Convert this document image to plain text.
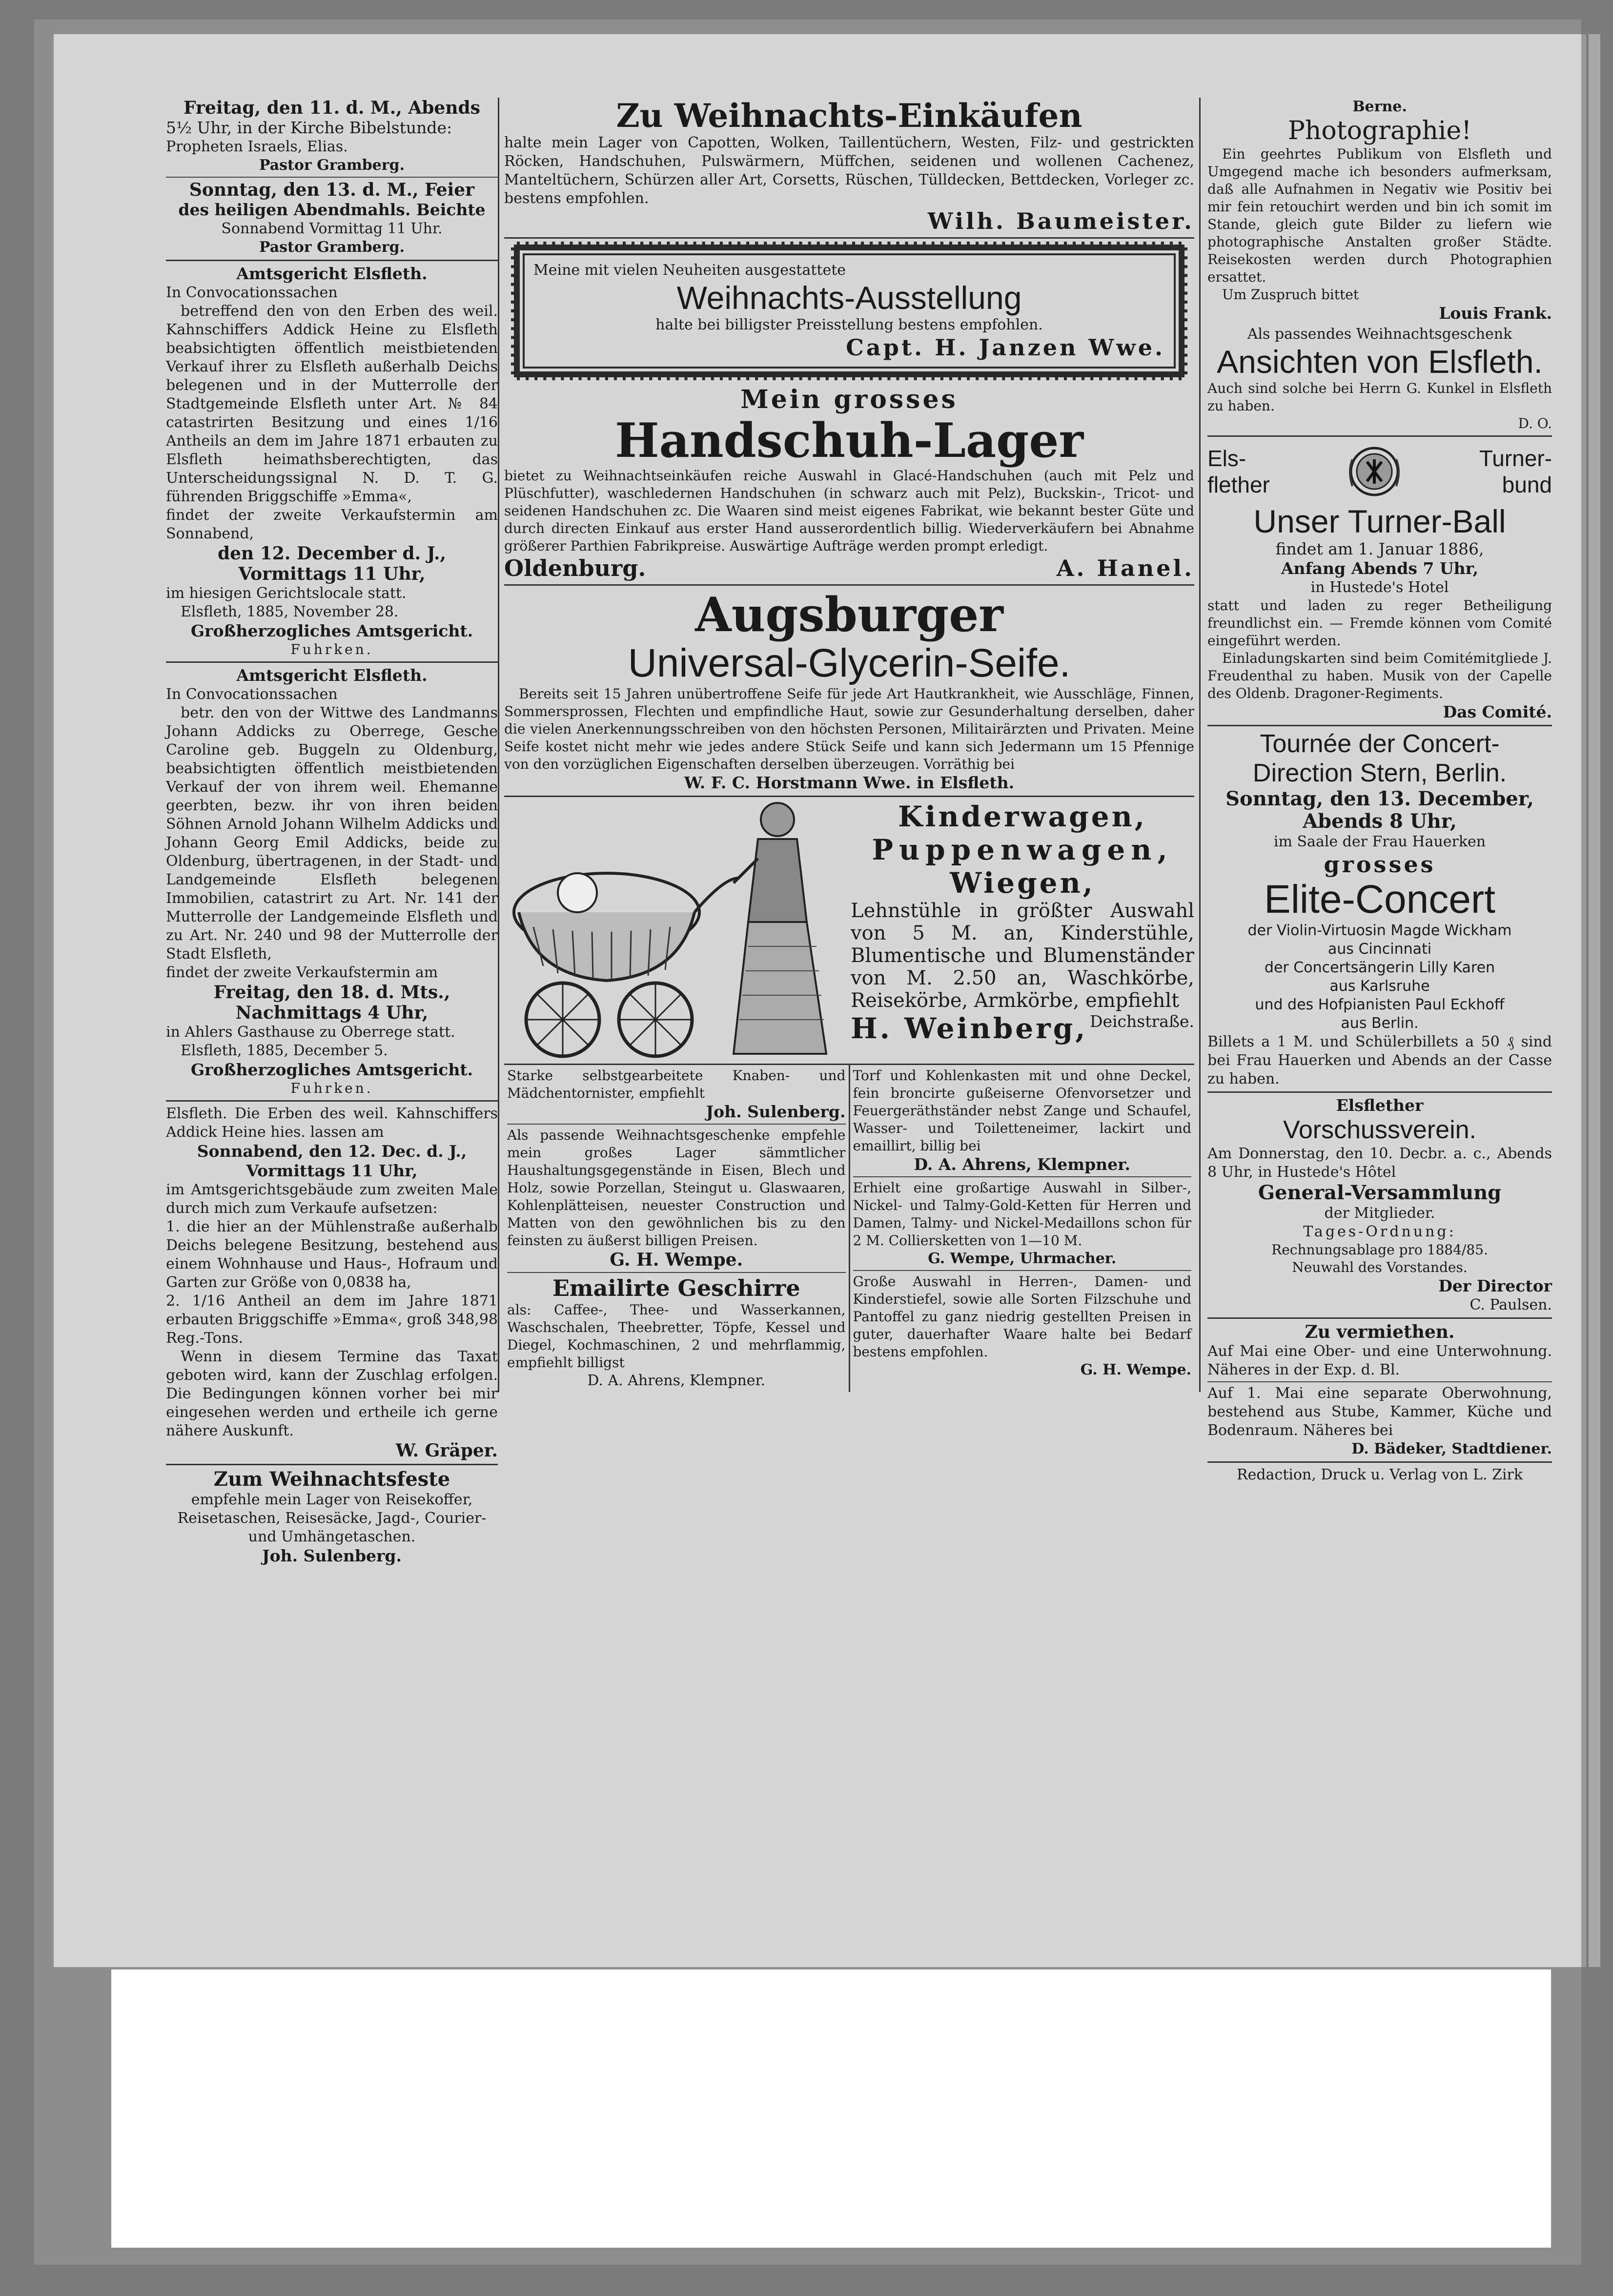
Freitag, den 11. d. M., Abends
5½ Uhr, in der Kirche Bibelstunde:
Propheten Israels, Elias.
Pastor Gramberg.
Sonntag, den 13. d. M., Feier
des heiligen Abendmahls. Beichte
Sonnabend Vormittag 11 Uhr.
Pastor Gramberg.
Amtsgericht Elsfleth.
In Convocationssachen
betreffend den von den Erben des weil. Kahnschiffers Addick Heine zu Elsfleth beabsichtigten öffentlich meistbietenden Verkauf ihrer zu Elsfleth außerhalb Deichs belegenen und in der Mutterrolle der Stadtgemeinde Elsfleth unter Art. № 84 catastrirten Besitzung und eines 1/16 Antheils an dem im Jahre 1871 erbauten zu Elsfleth heimathsberechtigten, das Unterscheidungssignal N. D. T. G. führenden Briggschiffe »Emma«,
findet der zweite Verkaufstermin am Sonnabend,
den 12. December d. J.,
Vormittags 11 Uhr,
im hiesigen Gerichtslocale statt.
Elsfleth, 1885, November 28.
Großherzogliches Amtsgericht.
Fuhrken.
Amtsgericht Elsfleth.
In Convocationssachen
betr. den von der Wittwe des Landmanns Johann Addicks zu Oberrege, Gesche Caroline geb. Buggeln zu Oldenburg, beabsichtigten öffentlich meistbietenden Verkauf der von ihrem weil. Ehemanne geerbten, bezw. ihr von ihren beiden Söhnen Arnold Johann Wilhelm Addicks und Johann Georg Emil Addicks, beide zu Oldenburg, übertragenen, in der Stadt- und Landgemeinde Elsfleth belegenen Immobilien, catastrirt zu Art. Nr. 141 der Mutterrolle der Landgemeinde Elsfleth und zu Art. Nr. 240 und 98 der Mutterrolle der Stadt Elsfleth,
findet der zweite Verkaufstermin am
Freitag, den 18. d. Mts.,
Nachmittags 4 Uhr,
in Ahlers Gasthause zu Oberrege statt.
Elsfleth, 1885, December 5.
Großherzogliches Amtsgericht.
Fuhrken.
Elsfleth. Die Erben des weil. Kahnschiffers Addick Heine hies. lassen am
Sonnabend, den 12. Dec. d. J.,
Vormittags 11 Uhr,
im Amtsgerichtsgebäude zum zweiten Male durch mich zum Verkaufe aufsetzen:
1. die hier an der Mühlenstraße außerhalb Deichs belegene Besitzung, bestehend aus einem Wohnhause und Haus-, Hofraum und Garten zur Größe von 0,0838 ha,
2. 1/16 Antheil an dem im Jahre 1871 erbauten Briggschiffe »Emma«, groß 348,98 Reg.-Tons.
Wenn in diesem Termine das Taxat geboten wird, kann der Zuschlag erfolgen. Die Bedingungen können vorher bei mir eingesehen werden und ertheile ich gerne nähere Auskunft.
W. Gräper.
Zum Weihnachtsfeste
empfehle mein Lager von Reisekoffer, Reisetaschen, Reisesäcke, Jagd-, Courier- und Umhängetaschen.
Joh. Sulenberg.
Zu Weihnachts-Einkäufen
halte mein Lager von Capotten, Wolken, Taillentüchern, Westen, Filz- und gestrickten Röcken, Handschuhen, Pulswärmern, Müffchen, seidenen und wollenen Cachenez, Manteltüchern, Schürzen aller Art, Corsetts, Rüschen, Tülldecken, Bettdecken, Vorleger zc. bestens empfohlen.
Wilh. Baumeister.
Meine mit vielen Neuheiten ausgestattete
Weihnachts-Ausstellung
halte bei billigster Preisstellung bestens empfohlen.
Capt. H. Janzen Wwe.
Mein grosses
Handschuh-Lager
bietet zu Weihnachtseinkäufen reiche Auswahl in Glacé-Handschuhen (auch mit Pelz und Plüschfutter), waschledernen Handschuhen (in schwarz auch mit Pelz), Buckskin-, Tricot- und seidenen Handschuhen zc. Die Waaren sind meist eigenes Fabrikat, wie bekannt bester Güte und durch directen Einkauf aus erster Hand ausserordentlich billig. Wiederverkäufern bei Abnahme größerer Parthien Fabrikpreise. Auswärtige Aufträge werden prompt erledigt.
Oldenburg.	A. Hanel.
Augsburger
Universal-Glycerin-Seife.
Bereits seit 15 Jahren unübertroffene Seife für jede Art Hautkrankheit, wie Ausschläge, Finnen, Sommersprossen, Flechten und empfindliche Haut, sowie zur Gesunderhaltung derselben, daher die vielen Anerkennungsschreiben von den höchsten Personen, Militairärzten und Privaten. Meine Seife kostet nicht mehr wie jedes andere Stück Seife und kann sich Jedermann um 15 Pfennige von den vorzüglichen Eigenschaften derselben überzeugen. Vorräthig bei
W. F. C. Horstmann Wwe. in Elsfleth.
Kinderwagen,
Puppenwagen,
Wiegen,
Lehnstühle in größter Auswahl von 5 M. an, Kinderstühle, Blumentische und Blumenständer von M. 2.50 an, Waschkörbe, Reisekörbe, Armkörbe, empfiehlt
H. Weinberg, Deichstraße.
Starke selbstgearbeitete Knaben- und Mädchentornister, empfiehlt
Joh. Sulenberg.
Als passende Weihnachtsgeschenke empfehle mein großes Lager sämmtlicher Haushaltungsgegenstände in Eisen, Blech und Holz, sowie Porzellan, Steingut u. Glaswaaren, Kohlenplätteisen, neuester Construction und Matten von den gewöhnlichen bis zu den feinsten zu äußerst billigen Preisen.
G. H. Wempe.
Emailirte Geschirre
als: Caffee-, Thee- und Wasserkannen, Waschschalen, Theebretter, Töpfe, Kessel und Diegel, Kochmaschinen, 2 und mehrflammig, empfiehlt billigst
D. A. Ahrens, Klempner.
Torf und Kohlenkasten mit und ohne Deckel, fein broncirte gußeiserne Ofenvorsetzer und Feuergeräthständer nebst Zange und Schaufel, Wasser- und Toiletteneimer, lackirt und emaillirt, billig bei
D. A. Ahrens, Klempner.
Erhielt eine großartige Auswahl in Silber-, Nickel- und Talmy-Gold-Ketten für Herren und Damen, Talmy- und Nickel-Medaillons schon für 2 M. Colliersketten von 1—10 M.
G. Wempe, Uhrmacher.
Große Auswahl in Herren-, Damen- und Kinderstiefel, sowie alle Sorten Filzschuhe und Pantoffel zu ganz niedrig gestellten Preisen in guter, dauerhafter Waare halte bei Bedarf bestens empfohlen.
G. H. Wempe.
Berne.
Photographie!
Ein geehrtes Publikum von Elsfleth und Umgegend mache ich besonders aufmerksam, daß alle Aufnahmen in Negativ wie Positiv bei mir fein retouchirt werden und bin ich somit im Stande, gleich gute Bilder zu liefern wie photographische Anstalten großer Städte. Reisekosten werden durch Photographien ersattet.
Um Zuspruch bittet
Louis Frank.
Als passendes Weihnachtsgeschenk
Ansichten von Elsfleth.
Auch sind solche bei Herrn G. Kunkel in Elsfleth zu haben.
D. O.
Els-
flether
Turner-
bund
Unser Turner-Ball
findet am 1. Januar 1886,
Anfang Abends 7 Uhr,
in Hustede's Hotel
statt und laden zu reger Betheiligung freundlichst ein. — Fremde können vom Comité eingeführt werden.
Einladungskarten sind beim Comitémitgliede J. Freudenthal zu haben. Musik von der Capelle des Oldenb. Dragoner-Regiments.
Das Comité.
Tournée der Concert-
Direction Stern, Berlin.
Sonntag, den 13. December,
Abends 8 Uhr,
im Saale der Frau Hauerken
grosses
Elite-Concert
der Violin-Virtuosin Magde Wickham
aus Cincinnati
der Concertsängerin Lilly Karen
aus Karlsruhe
und des Hofpianisten Paul Eckhoff
aus Berlin.
Billets a 1 M. und Schülerbillets a 50 ₰ sind bei Frau Hauerken und Abends an der Casse zu haben.
Elsflether
Vorschussverein.
Am Donnerstag, den 10. Decbr. a. c., Abends 8 Uhr, in Hustede's Hôtel
General-Versammlung
der Mitglieder.
Tages-Ordnung:
Rechnungsablage pro 1884/85.
Neuwahl des Vorstandes.
Der Director
C. Paulsen.
Zu vermiethen.
Auf Mai eine Ober- und eine Unterwohnung. Näheres in der Exp. d. Bl.
Auf 1. Mai eine separate Oberwohnung, bestehend aus Stube, Kammer, Küche und Bodenraum. Näheres bei
D. Bädeker, Stadtdiener.
Redaction, Druck u. Verlag von L. Zirk
